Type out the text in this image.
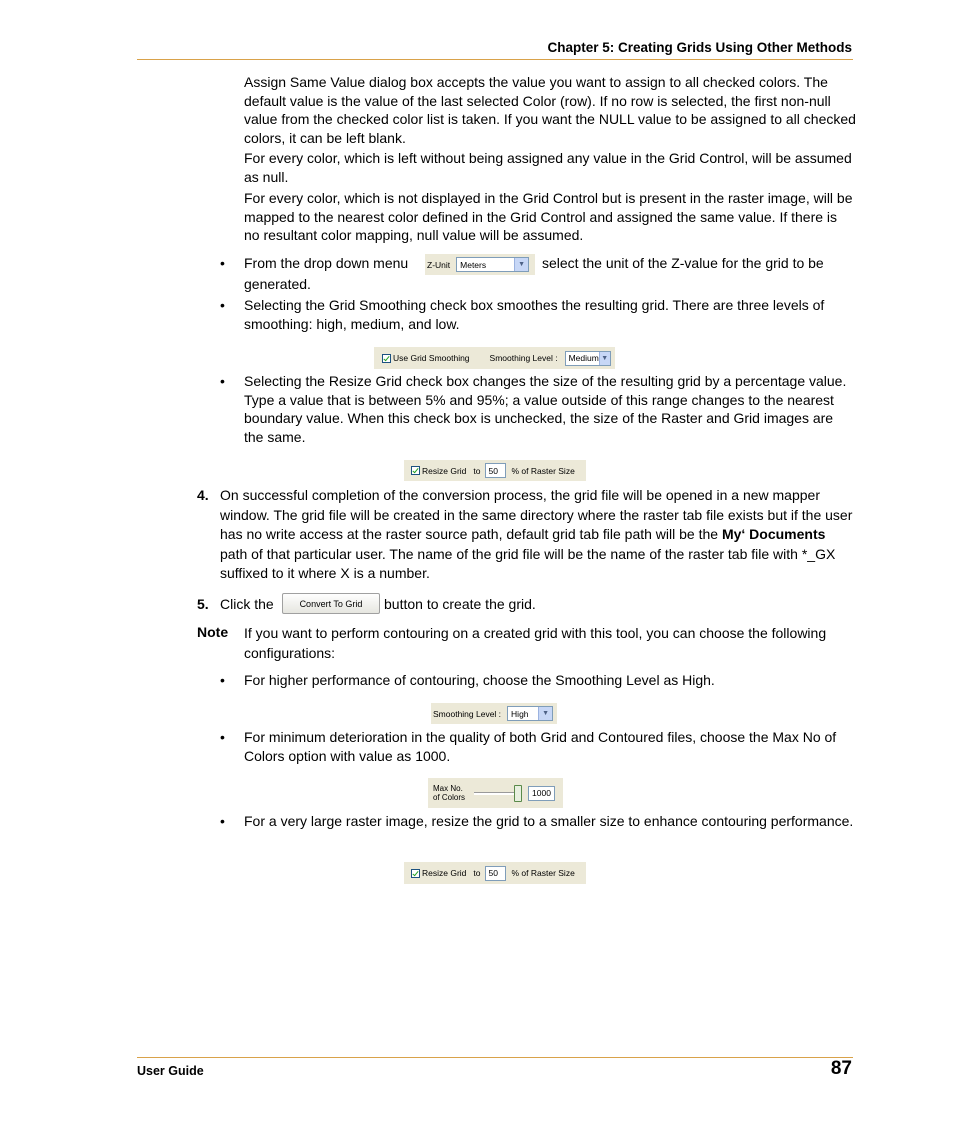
Chapter 5: Creating Grids Using Other Methods
Assign Same Value dialog box accepts the value you want to assign to all checked colors. The default value is the value of the last selected Color (row). If no row is selected, the first non-null value from the checked color list is taken. If you want the NULL value to be assigned to all checked colors, it can be left blank.
For every color, which is left without being assigned any value in the Grid Control, will be assumed as null.
For every color, which is not displayed in the Grid Control but is present in the raster image, will be mapped to the nearest color defined in the Grid Control and assigned the same value. If there is no resultant color mapping, null value will be assumed.
• From the drop down menu Z-Unit Meters	▼ select the unit of the Z-value for the grid to be
generated.
• Selecting the Grid Smoothing check box smoothes the resulting grid. There are three levels of smoothing: high, medium, and low.
Use Grid Smoothing Smoothing Level : Medium ▼
• Selecting the Resize Grid check box changes the size of the resulting grid by a percentage value. Type a value that is between 5% and 95%; a value outside of this range changes to the nearest boundary value. When this check box is unchecked, the size of the Raster and Grid images are the same.
Resize Grid to 50	% of Raster Size
4. On successful completion of the conversion process, the grid file will be opened in a new mapper window. The grid file will be created in the same directory where the raster tab file exists but if the user has no write access at the raster source path, default grid tab file path will be the My‘ Documents path of that particular user. The name of the grid file will be the name of the raster tab file with *_GX suffixed to it where X is a number.
5. Click the	Convert To Grid	button to create the grid.
Note If you want to perform contouring on a created grid with this tool, you can choose the following configurations:
• For higher performance of contouring, choose the Smoothing Level as High.
Smoothing Level : High	▼
• For minimum deterioration in the quality of both Grid and Contoured files, choose the Max No of Colors option with value as 1000.
Max No.
of Colors	1000
• For a very large raster image, resize the grid to a smaller size to enhance contouring performance.
Resize Grid to 50	% of Raster Size
User Guide	87
